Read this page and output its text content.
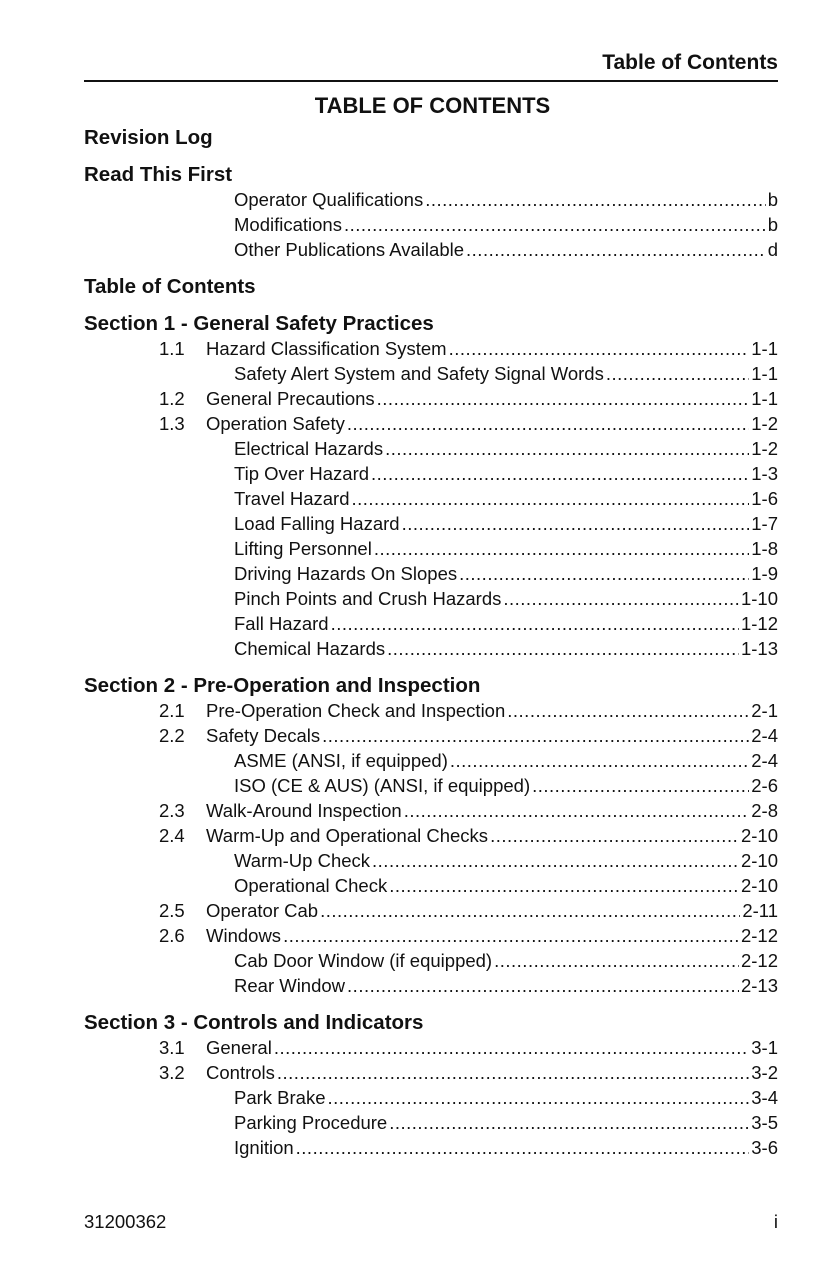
Table of Contents
TABLE OF CONTENTS
Revision Log
Read This First
Operator Qualifications .....	b
Modifications .....	b
Other Publications Available .....	d
Table of Contents
Section 1 - General Safety Practices
1.1	Hazard Classification System .....	1-1
Safety Alert System and Safety Signal Words .....	1-1
1.2	General Precautions .....	1-1
1.3	Operation Safety .....	1-2
Electrical Hazards .....	1-2
Tip Over Hazard .....	1-3
Travel Hazard .....	1-6
Load Falling Hazard .....	1-7
Lifting Personnel .....	1-8
Driving Hazards On Slopes .....	1-9
Pinch Points and Crush Hazards .....	1-10
Fall Hazard .....	1-12
Chemical Hazards .....	1-13
Section 2 - Pre-Operation and Inspection
2.1	Pre-Operation Check and Inspection .....	2-1
2.2	Safety Decals .....	2-4
ASME (ANSI, if equipped) .....	2-4
ISO (CE & AUS) (ANSI, if equipped) .....	2-6
2.3	Walk-Around Inspection .....	2-8
2.4	Warm-Up and Operational Checks .....	2-10
Warm-Up Check .....	2-10
Operational Check .....	2-10
2.5	Operator Cab .....	2-11
2.6	Windows .....	2-12
Cab Door Window (if equipped) .....	2-12
Rear Window .....	2-13
Section 3 - Controls and Indicators
3.1	General .....	3-1
3.2	Controls .....	3-2
Park Brake .....	3-4
Parking Procedure .....	3-5
Ignition .....	3-6
31200362	i
